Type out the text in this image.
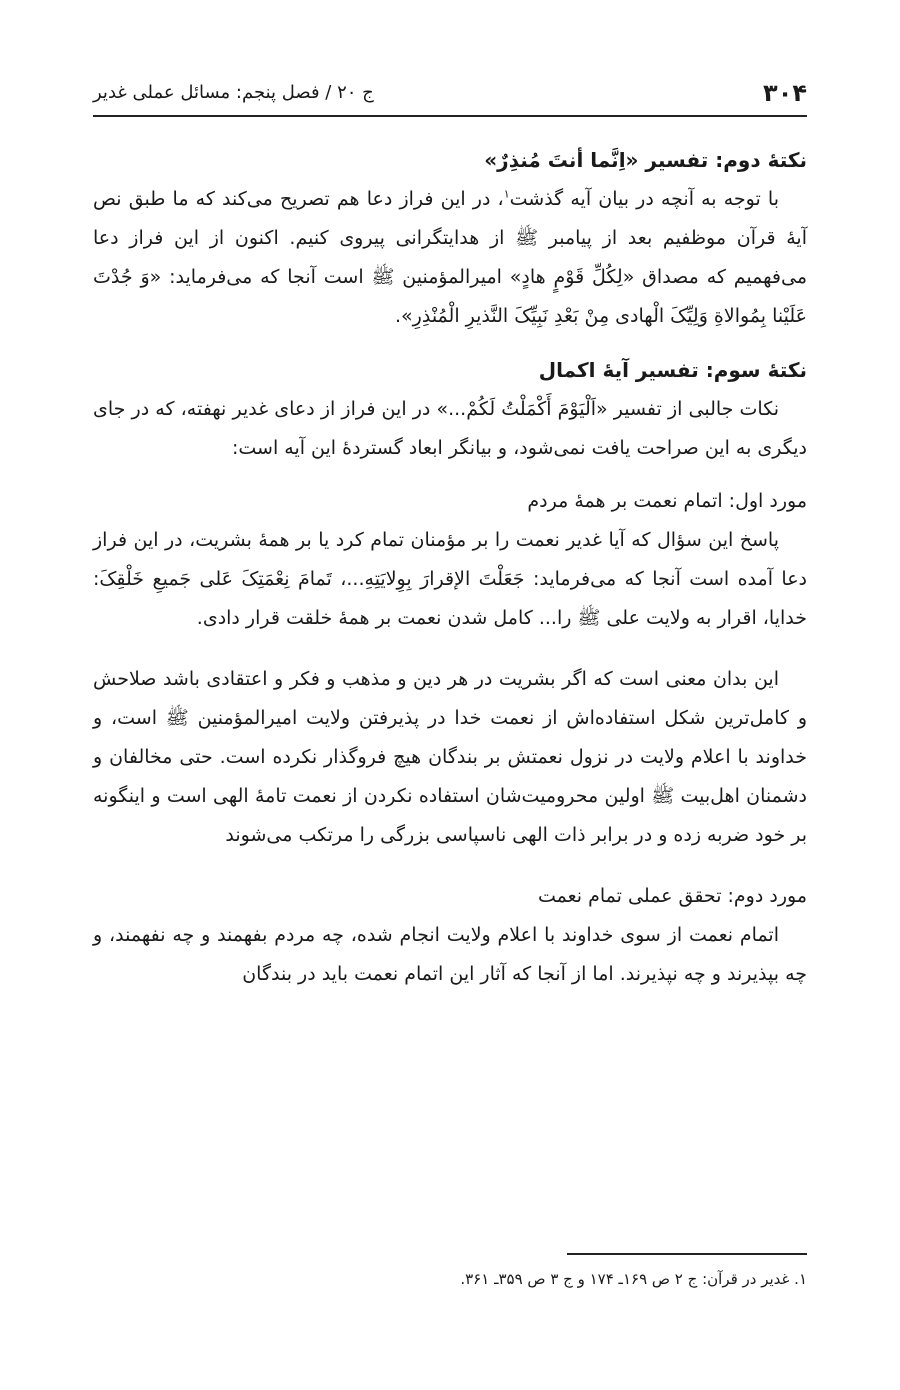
۳۰۴
ج ۲۰ / فصل پنجم: مسائل عملی غدیر

نکتهٔ دوم: تفسیر «اِنَّما أنتَ مُنذِرٌ»

با توجه به آنچه در بیان آیه گذشت$^۱$، در این فراز دعا هم تصریح می‌کند که ما طبق نص آیهٔ قرآن موظفیم بعد از پیامبر ﷺ از هدایتگرانی پیروی کنیم. اکنون از این فراز دعا می‌فهمیم که مصداق «لِکُلِّ قَوْمٍ هادٍ» امیرالمؤمنین ﷺ است آنجا که می‌فرماید: «وَ جُدْتَ عَلَیْنا بِمُوالاةِ وَلِیِّکَ الْهادی مِنْ بَعْدِ نَبِیِّکَ النَّذیرِ الْمُنْذِرِ».

نکتهٔ سوم: تفسیر آیهٔ اکمال

نکات جالبی از تفسیر «اَلْیَوْمَ أَکْمَلْتُ لَکُمْ...» در این فراز از دعای غدیر نهفته، که در جای دیگری به این صراحت یافت نمی‌شود، و بیانگر ابعاد گستردهٔ این آیه است:

مورد اول: اتمام نعمت بر همهٔ مردم

پاسخ این سؤال که آیا غدیر نعمت را بر مؤمنان تمام کرد یا بر همهٔ بشریت، در این فراز دعا آمده است آنجا که می‌فرماید: جَعَلْتَ الإقرارَ بِوِلایَتِهِ...، تَمامَ نِعْمَتِکَ عَلی جَمیعِ خَلْقِکَ: خدایا، اقرار به ولایت علی ﷺ را... کامل شدن نعمت بر همهٔ خلقت قرار دادی.

این بدان معنی است که اگر بشریت در هر دین و مذهب و فکر و اعتقادی باشد صلاحش و کامل‌ترین شکل استفاده‌اش از نعمت خدا در پذیرفتن ولایت امیرالمؤمنین ﷺ است، و خداوند با اعلام ولایت در نزول نعمتش بر بندگان هیچ فروگذار نکرده است. حتی مخالفان و دشمنان اهل‌بیت ﷺ اولین محرومیت‌شان استفاده نکردن از نعمت تامهٔ الهی است و اینگونه بر خود ضربه زده و در برابر ذات الهی ناسپاسی بزرگی را مرتکب می‌شوند

مورد دوم: تحقق عملی تمام نعمت

اتمام نعمت از سوی خداوند با اعلام ولایت انجام شده، چه مردم بفهمند و چه نفهمند، و چه بپذیرند و چه نپذیرند. اما از آنجا که آثار این اتمام نعمت باید در بندگان

۱. غدیر در قرآن: ج ۲ ص ۱۶۹ـ ۱۷۴ و ج ۳ ص ۳۵۹ـ ۳۶۱.
